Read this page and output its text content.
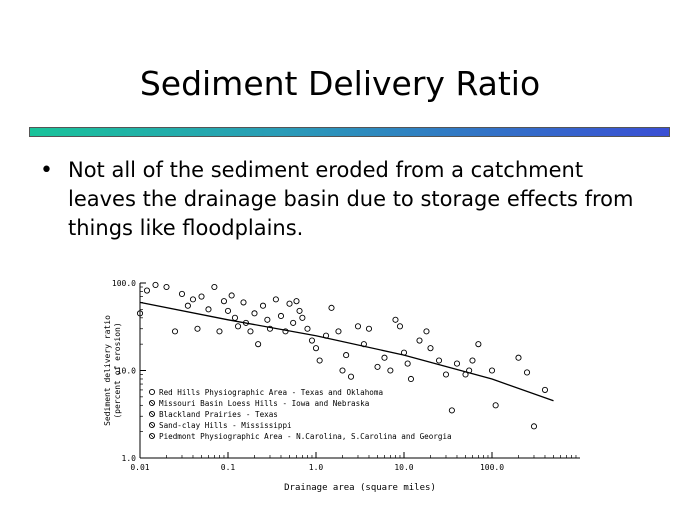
Sediment Delivery Ratio
• Not all of the sediment eroded from a catchment leaves the drainage basin due to storage effects from things like floodplains.
0.01	0.1	1.0	10.0	100.0
1.0
10.0
100.0
Red Hills Physiographic Area - Texas and Oklahoma
Missouri Basin Loess Hills - Iowa and Nebraska
Blackland Prairies - Texas
Sand-clay Hills - Mississippi
Piedmont Physiographic Area - N.Carolina, S.Carolina and Georgia
Drainage area (square miles)
Sediment delivery ratio (percent of erosion)
